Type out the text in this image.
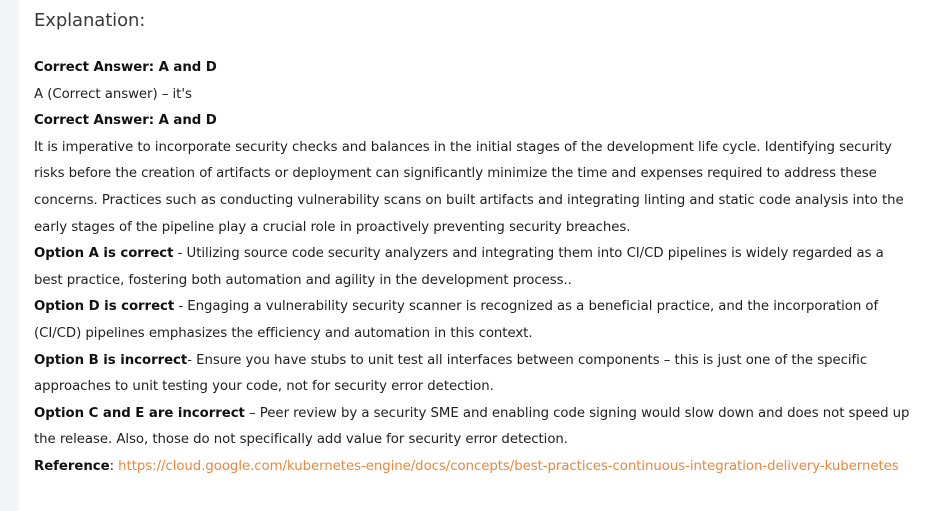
Explanation:

Correct Answer: A and D

A (Correct answer) – it's

Correct Answer: A and D

It is imperative to incorporate security checks and balances in the initial stages of the development life cycle. Identifying security risks before the creation of artifacts or deployment can significantly minimize the time and expenses required to address these concerns. Practices such as conducting vulnerability scans on built artifacts and integrating linting and static code analysis into the early stages of the pipeline play a crucial role in proactively preventing security breaches.

Option A is correct - Utilizing source code security analyzers and integrating them into CI/CD pipelines is widely regarded as a best practice, fostering both automation and agility in the development process..

Option D is correct - Engaging a vulnerability security scanner is recognized as a beneficial practice, and the incorporation of (CI/CD) pipelines emphasizes the efficiency and automation in this context.

Option B is incorrect- Ensure you have stubs to unit test all interfaces between components – this is just one of the specific approaches to unit testing your code, not for security error detection.

Option C and E are incorrect – Peer review by a security SME and enabling code signing would slow down and does not speed up the release. Also, those do not specifically add value for security error detection.

Reference: https://cloud.google.com/kubernetes-engine/docs/concepts/best-practices-continuous-integration-delivery-kubernetes
